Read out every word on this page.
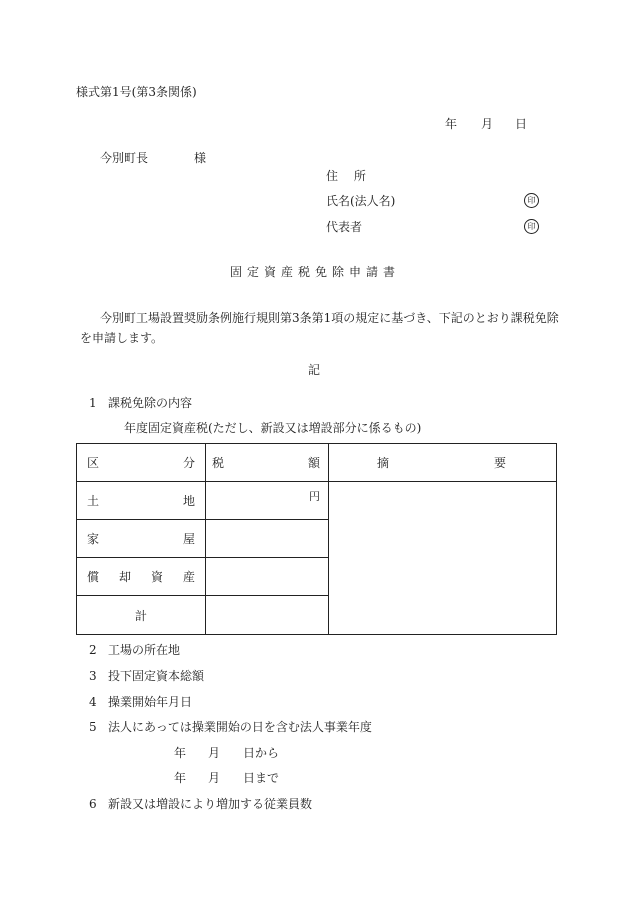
様式第1号(第3条関係)
年 月 日
今別町長	様
住 所
氏名(法人名)	印
代表者	印
固定資産税免除申請書
今別町工場設置奨励条例施行規則第3条第1項の規定に基づき、下記のとおり課税免除
を申請します。
記
1 課税免除の内容
年度固定資産税(ただし、新設又は増設部分に係るもの)
区 分	税 額	摘 要

土 地	円	

家 屋		

償 却 資 産		

計		
2 工場の所在地
3 投下固定資本総額
4 操業開始年月日
5 法人にあっては操業開始の日を含む法人事業年度
年 月 日から
年 月 日まで
6 新設又は増設により増加する従業員数
